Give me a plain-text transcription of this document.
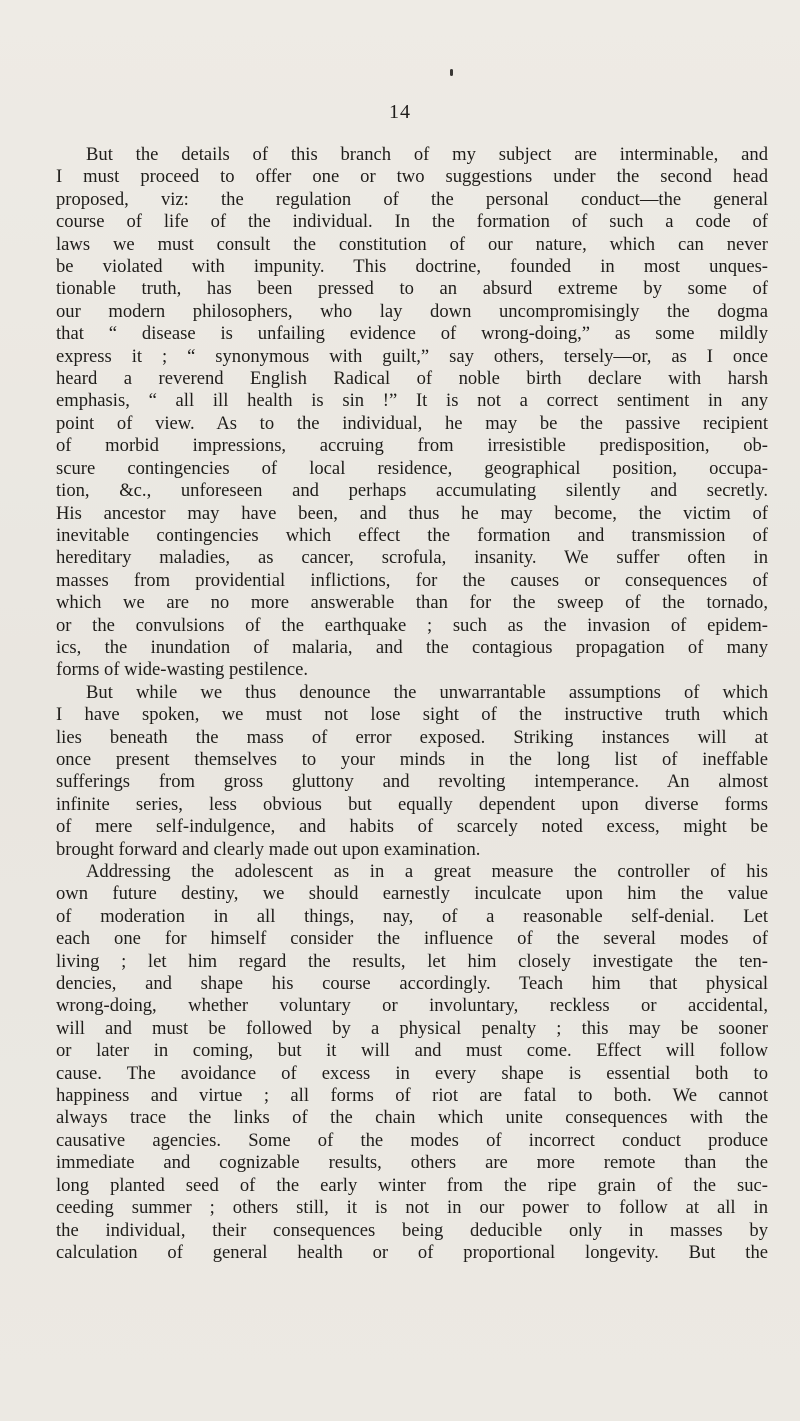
14
But the details of this branch of my subject are interminable, and
I must proceed to offer one or two suggestions under the second head
proposed, viz: the regulation of the personal conduct—the general
course of life of the individual. In the formation of such a code of
laws we must consult the constitution of our nature, which can never
be violated with impunity. This doctrine, founded in most unques-
tionable truth, has been pressed to an absurd extreme by some of
our modern philosophers, who lay down uncompromisingly the dogma
that “ disease is unfailing evidence of wrong-doing,” as some mildly
express it ; “ synonymous with guilt,” say others, tersely—or, as I once
heard a reverend English Radical of noble birth declare with harsh
emphasis, “ all ill health is sin !” It is not a correct sentiment in any
point of view. As to the individual, he may be the passive recipient
of morbid impressions, accruing from irresistible predisposition, ob-
scure contingencies of local residence, geographical position, occupa-
tion, &c., unforeseen and perhaps accumulating silently and secretly.
His ancestor may have been, and thus he may become, the victim of
inevitable contingencies which effect the formation and transmission of
hereditary maladies, as cancer, scrofula, insanity. We suffer often in
masses from providential inflictions, for the causes or consequences of
which we are no more answerable than for the sweep of the tornado,
or the convulsions of the earthquake ; such as the invasion of epidem-
ics, the inundation of malaria, and the contagious propagation of many
forms of wide-wasting pestilence.
But while we thus denounce the unwarrantable assumptions of which
I have spoken, we must not lose sight of the instructive truth which
lies beneath the mass of error exposed. Striking instances will at
once present themselves to your minds in the long list of ineffable
sufferings from gross gluttony and revolting intemperance. An almost
infinite series, less obvious but equally dependent upon diverse forms
of mere self-indulgence, and habits of scarcely noted excess, might be
brought forward and clearly made out upon examination.
Addressing the adolescent as in a great measure the controller of his
own future destiny, we should earnestly inculcate upon him the value
of moderation in all things, nay, of a reasonable self-denial. Let
each one for himself consider the influence of the several modes of
living ; let him regard the results, let him closely investigate the ten-
dencies, and shape his course accordingly. Teach him that physical
wrong-doing, whether voluntary or involuntary, reckless or accidental,
will and must be followed by a physical penalty ; this may be sooner
or later in coming, but it will and must come. Effect will follow
cause. The avoidance of excess in every shape is essential both to
happiness and virtue ; all forms of riot are fatal to both. We cannot
always trace the links of the chain which unite consequences with the
causative agencies. Some of the modes of incorrect conduct produce
immediate and cognizable results, others are more remote than the
long planted seed of the early winter from the ripe grain of the suc-
ceeding summer ; others still, it is not in our power to follow at all in
the individual, their consequences being deducible only in masses by
calculation of general health or of proportional longevity. But the
